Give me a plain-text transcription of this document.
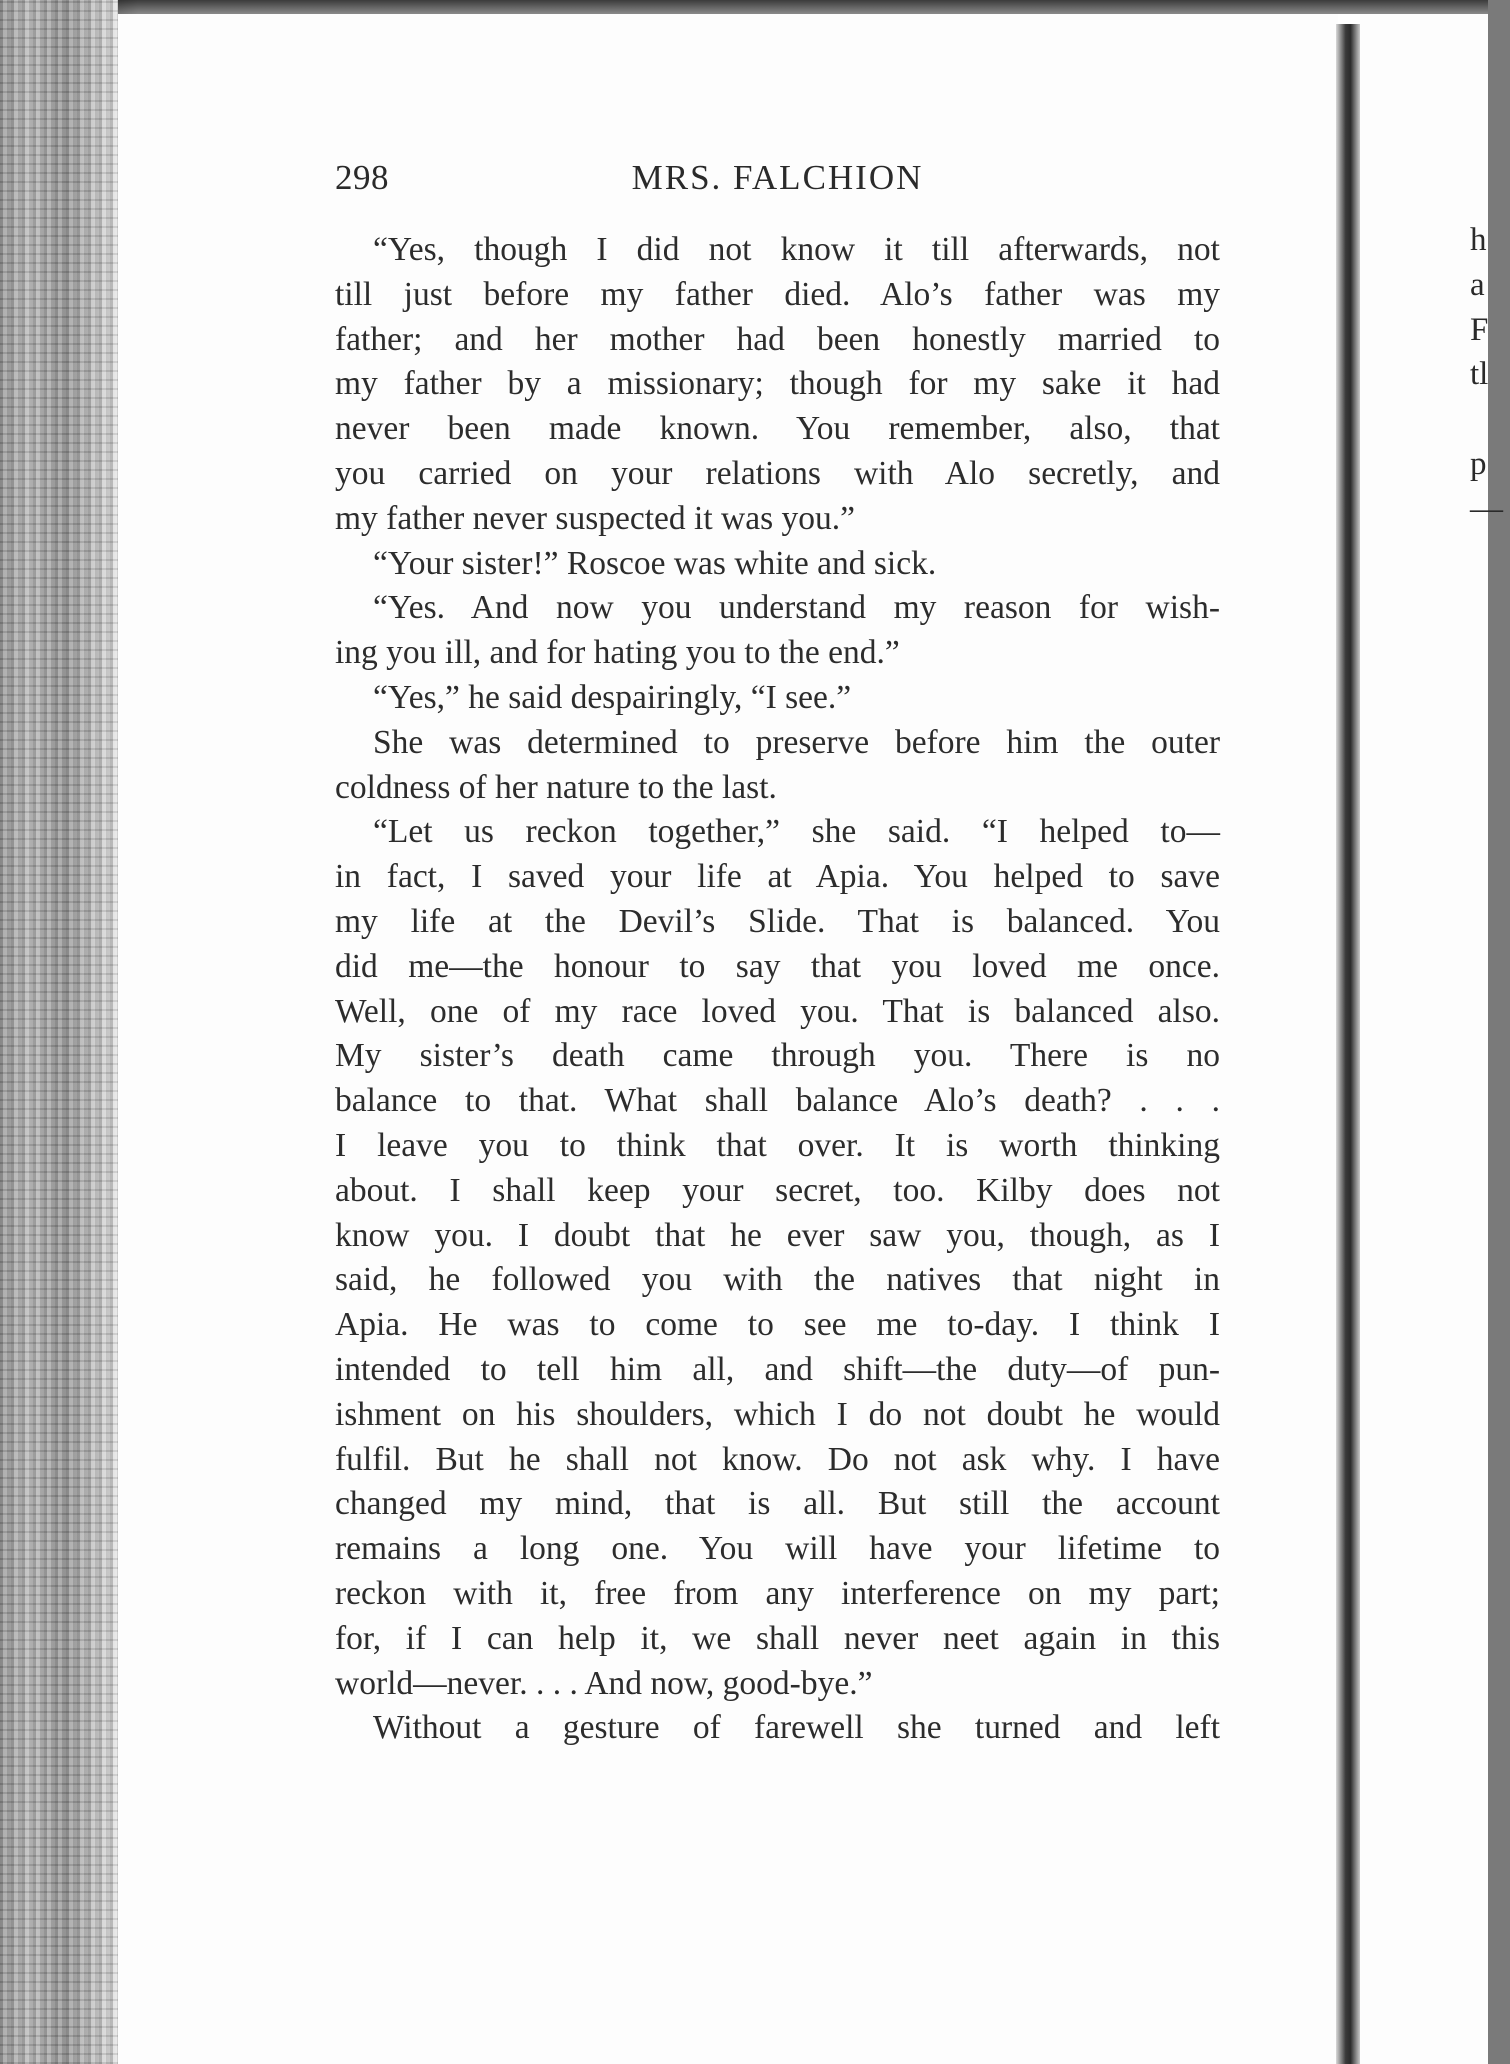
298	MRS. FALCHION
“Yes, though I did not know it till afterwards, not
till just before my father died. Alo’s father was my
father; and her mother had been honestly married to
my father by a missionary; though for my sake it had
never been made known. You remember, also, that
you carried on your relations with Alo secretly, and
my father never suspected it was you.”
“Your sister!” Roscoe was white and sick.
“Yes. And now you understand my reason for wish-
ing you ill, and for hating you to the end.”
“Yes,” he said despairingly, “I see.”
She was determined to preserve before him the outer
coldness of her nature to the last.
“Let us reckon together,” she said. “I helped to—
in fact, I saved your life at Apia. You helped to save
my life at the Devil’s Slide. That is balanced. You
did me—the honour to say that you loved me once.
Well, one of my race loved you. That is balanced also.
My sister’s death came through you. There is no
balance to that. What shall balance Alo’s death? . . .
I leave you to think that over. It is worth thinking
about. I shall keep your secret, too. Kilby does not
know you. I doubt that he ever saw you, though, as I
said, he followed you with the natives that night in
Apia. He was to come to see me to-day. I think I
intended to tell him all, and shift—the duty—of pun-
ishment on his shoulders, which I do not doubt he would
fulfil. But he shall not know. Do not ask why. I have
changed my mind, that is all. But still the account
remains a long one. You will have your lifetime to
reckon with it, free from any interference on my part;
for, if I can help it, we shall never neet again in this
world—never. . . . And now, good-bye.”
Without a gesture of farewell she turned and left
h
a
F
tl
p
—
